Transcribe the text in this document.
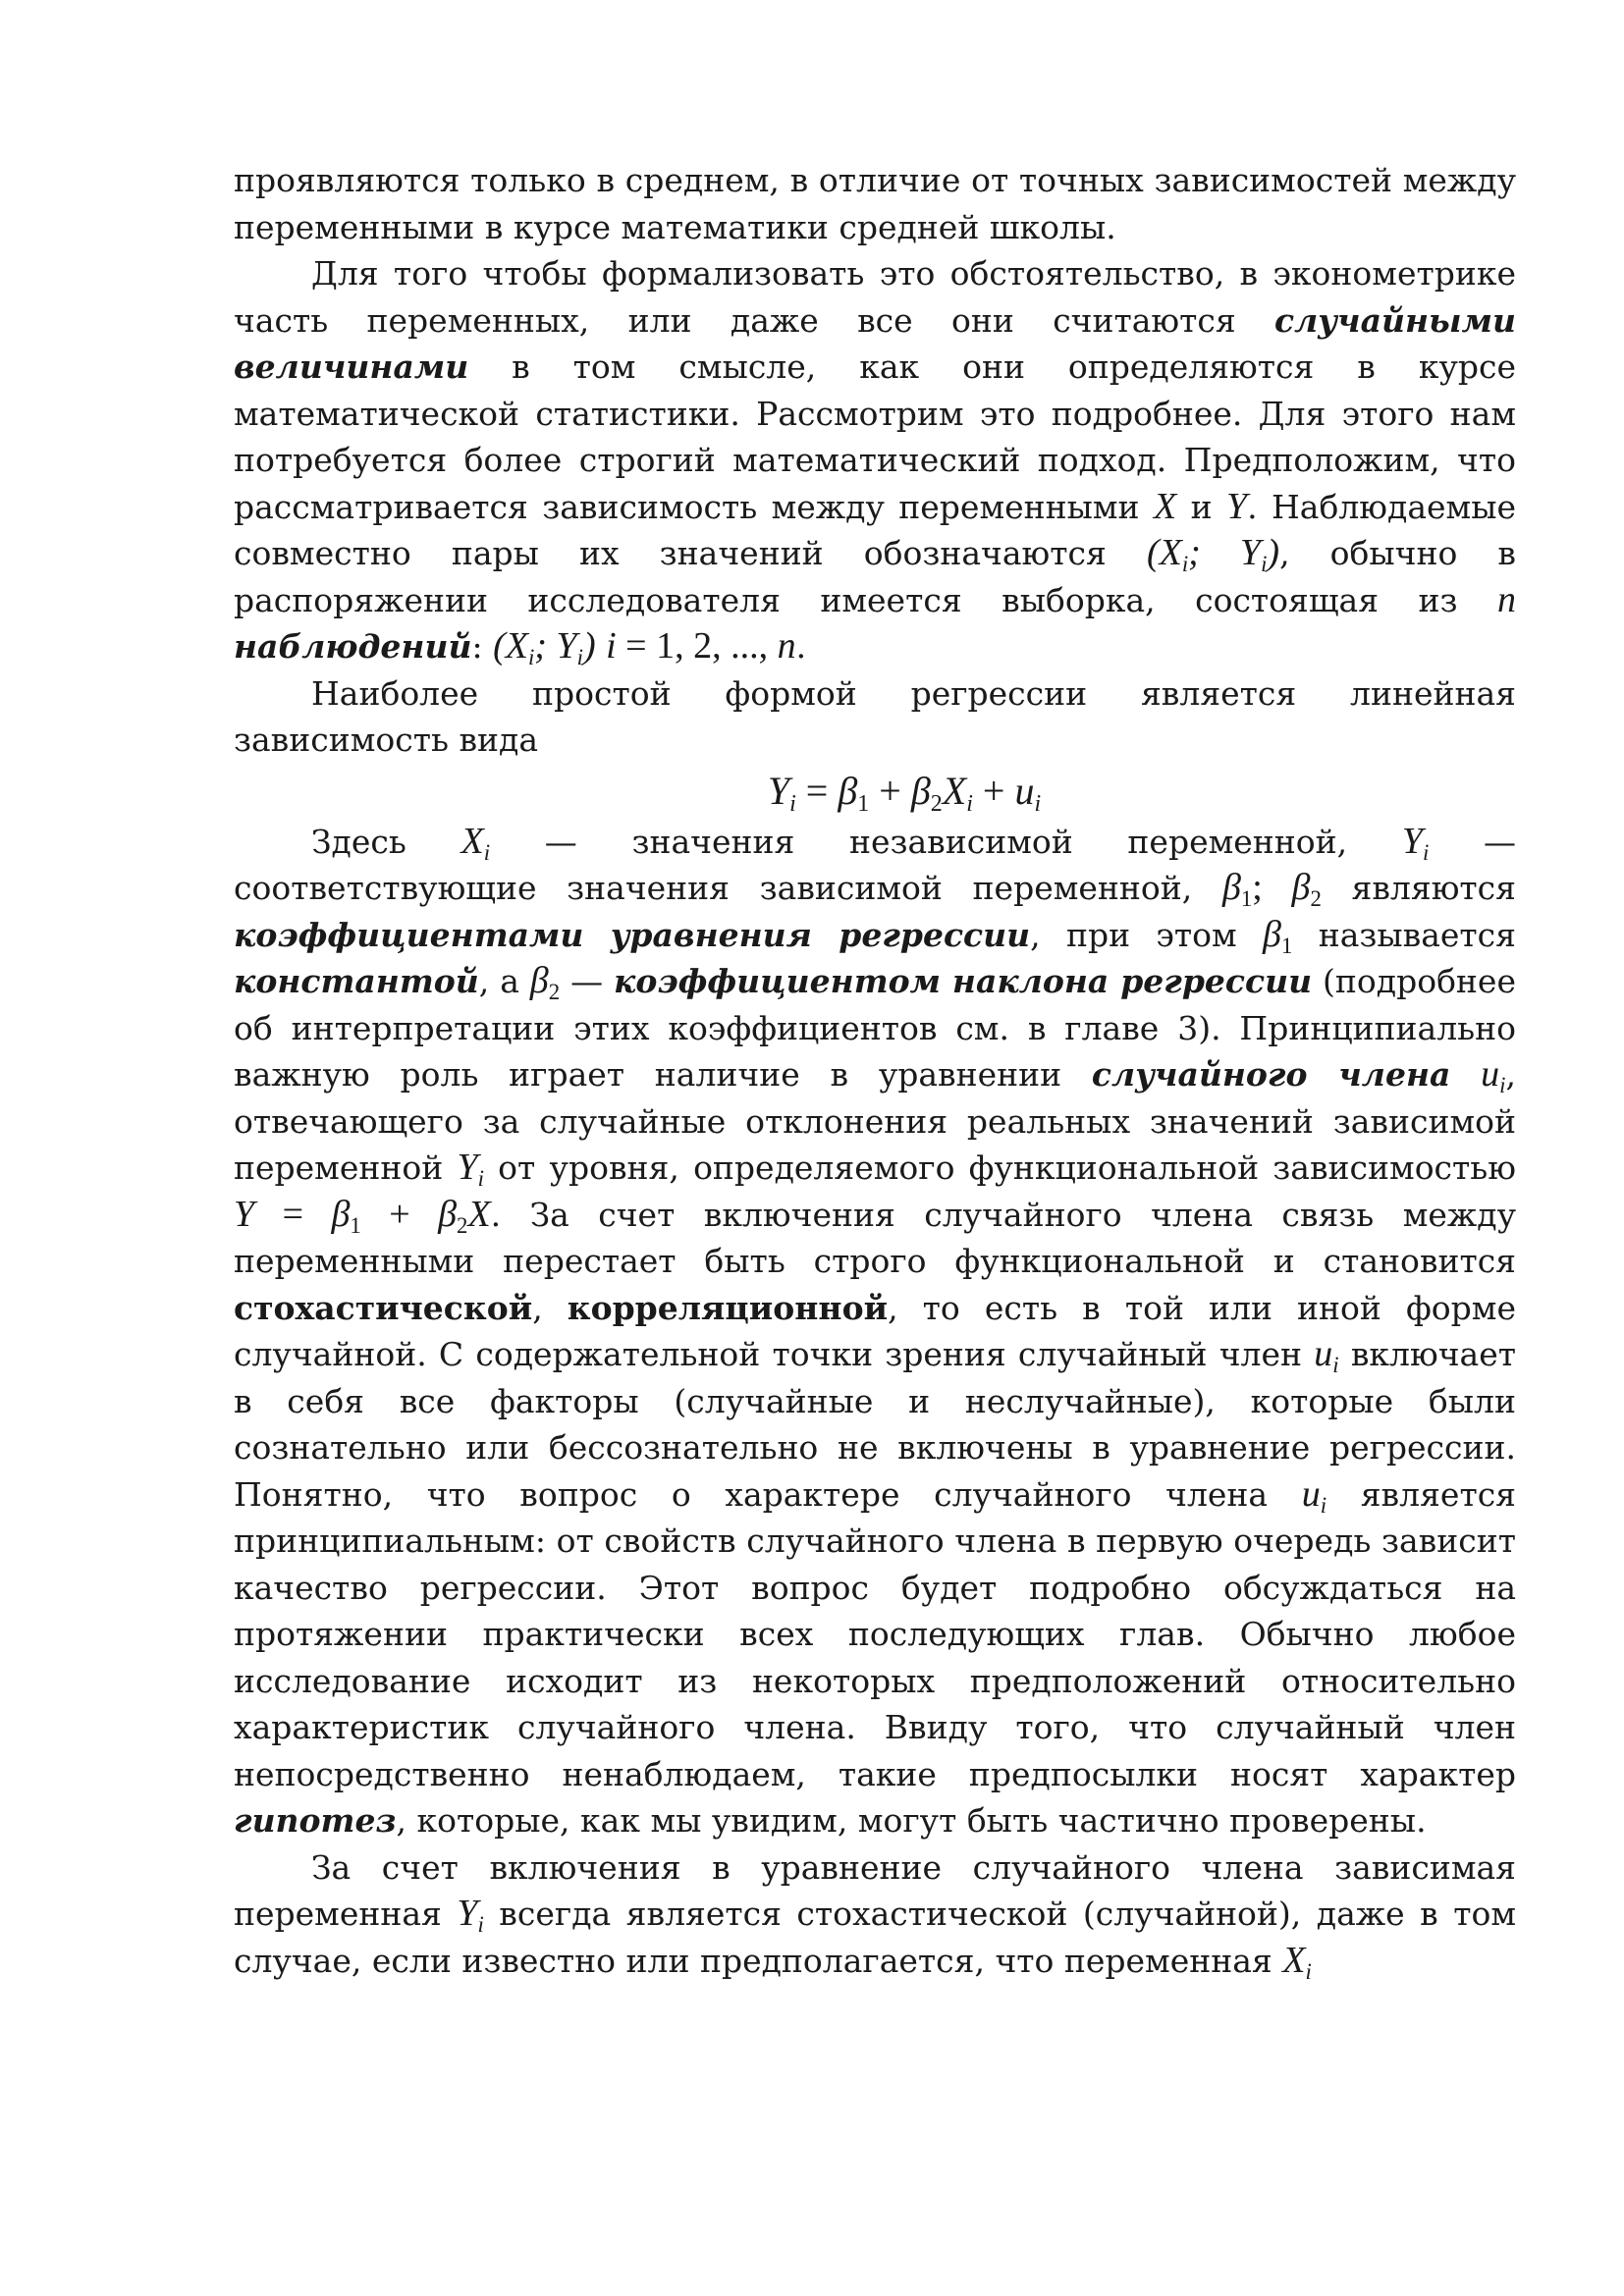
проявляются только в среднем, в отличие от точных зависимостей между переменными в курсе математики средней школы.

Для того чтобы формализовать это обстоятельство, в эконометрике часть переменных, или даже все они считаются случайными величинами в том смысле, как они определяются в курсе математической статистики. Рассмотрим это подробнее. Для этого нам потребуется более строгий математический подход. Предположим, что рассматривается зависимость между переменными X и Y. Наблюдаемые совместно пары их значений обозначаются ($X_i$; $Y_i$), обычно в распоряжении исследователя имеется выборка, состоящая из n наблюдений: ($X_i$; $Y_i$) i = 1, 2, ..., n.

Наиболее простой формой регрессии является линейная зависимость вида

$Y_i = \beta_1 + \beta_2X_i + u_i$

Здесь $X_i$ — значения независимой переменной, $Y_i$ — соответствующие значения зависимой переменной, $\beta_1$; $\beta_2$ являются коэффициентами уравнения регрессии, при этом $\beta_1$ называется константой, а $\beta_2$ — коэффициентом наклона регрессии (подробнее об интерпретации этих коэффициентов см. в главе 3). Принципиально важную роль играет наличие в уравнении случайного члена $u_i$, отвечающего за случайные отклонения реальных значений зависимой переменной $Y_i$ от уровня, определяемого функциональной зависимостью $Y = \beta_1 + \beta_2X$. За счет включения случайного члена связь между переменными перестает быть строго функциональной и становится стохастической, корреляционной, то есть в той или иной форме случайной. С содержательной точки зрения случайный член $u_i$ включает в себя все факторы (случайные и неслучайные), которые были сознательно или бессознательно не включены в уравнение регрессии. Понятно, что вопрос о характере случайного члена $u_i$ является принципиальным: от свойств случайного члена в первую очередь зависит качество регрессии. Этот вопрос будет подробно обсуждаться на протяжении практически всех последующих глав. Обычно любое исследование исходит из некоторых предположений относительно характеристик случайного члена. Ввиду того, что случайный член непосредственно ненаблюдаем, такие предпосылки носят характер гипотез, которые, как мы увидим, могут быть частично проверены.

За счет включения в уравнение случайного члена зависимая переменная $Y_i$ всегда является стохастической (случайной), даже в том случае, если известно или предполагается, что переменная $X_i$
